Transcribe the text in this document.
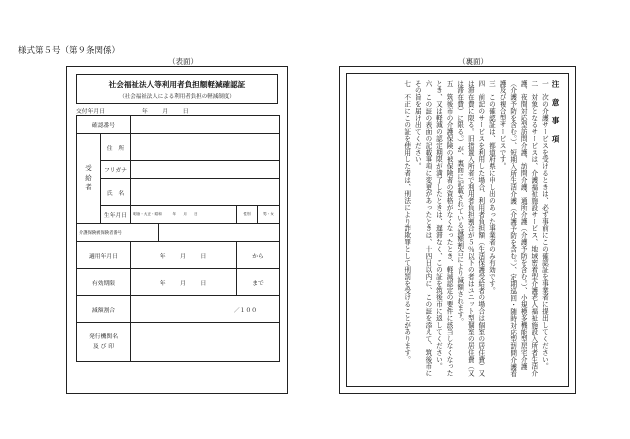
様式第５号（第９条関係）
（表面）	（裏面）
社会福祉法人等利用者負担額軽減確認証
（社会福祉法人による利用者負担の軽減制度）
交付年月日	年　　月　　日
確認番号					
受
給
者	住　所				
	フリガナ				
	氏　名				
	生年月日	明治・大正・昭和　　　年　　月　　日		性別	男・女
介護保険被保険者番号					
適用年月日		年　　月　　日		から	
有効期限		年　　月　　日		まで	
減額割合		／１００			
発行機関名
及 び 印					
注 意 事 項
一　次の介護サービスを受けるときは、必ず事前にこの確認証を事業者に提出してください。
二　対象となるサービスは、介護福祉施設サービス、地域密着型介護老人福祉施設入所者生活介護、夜間対応型訪問介護、訪問介護、通所介護（介護予防を含む。）、小規模多機能型居宅介護（介護予防を含む。）、短期入所生活介護（介護予防を含む。）、定期巡回・随時対応型訪問介護看護及び複合型サービスです。
三　この確認証は、都道府県に申し出のあった事業者のみ有効です。
四　前記のサービスを利用した場合、利用者負担額（生活保護受給者の場合は個室の居住費）又は滞在費に限る。旧措置入所者で利用者負担割合が５％以下の者はユニット型個室の居住費（又は滞在費）に限る。）が、裏面に記載されている減額割合により減額されます。
五　筑後市の介護保険の被保険者の資格がなくなったとき、軽減認定の要件に該当しなくなったとき、又は軽減の認定期限が満了したときは、遅滞なく、この証を筑後市に返してください。
六　この証の表面の記載事項に変更があったときは、十四日以内に、この証を添えて、筑後市にその旨を届け出てください。
七　不正にこの証を使用した者は、刑法により詐欺罪として刑罰を受けることがあります。
